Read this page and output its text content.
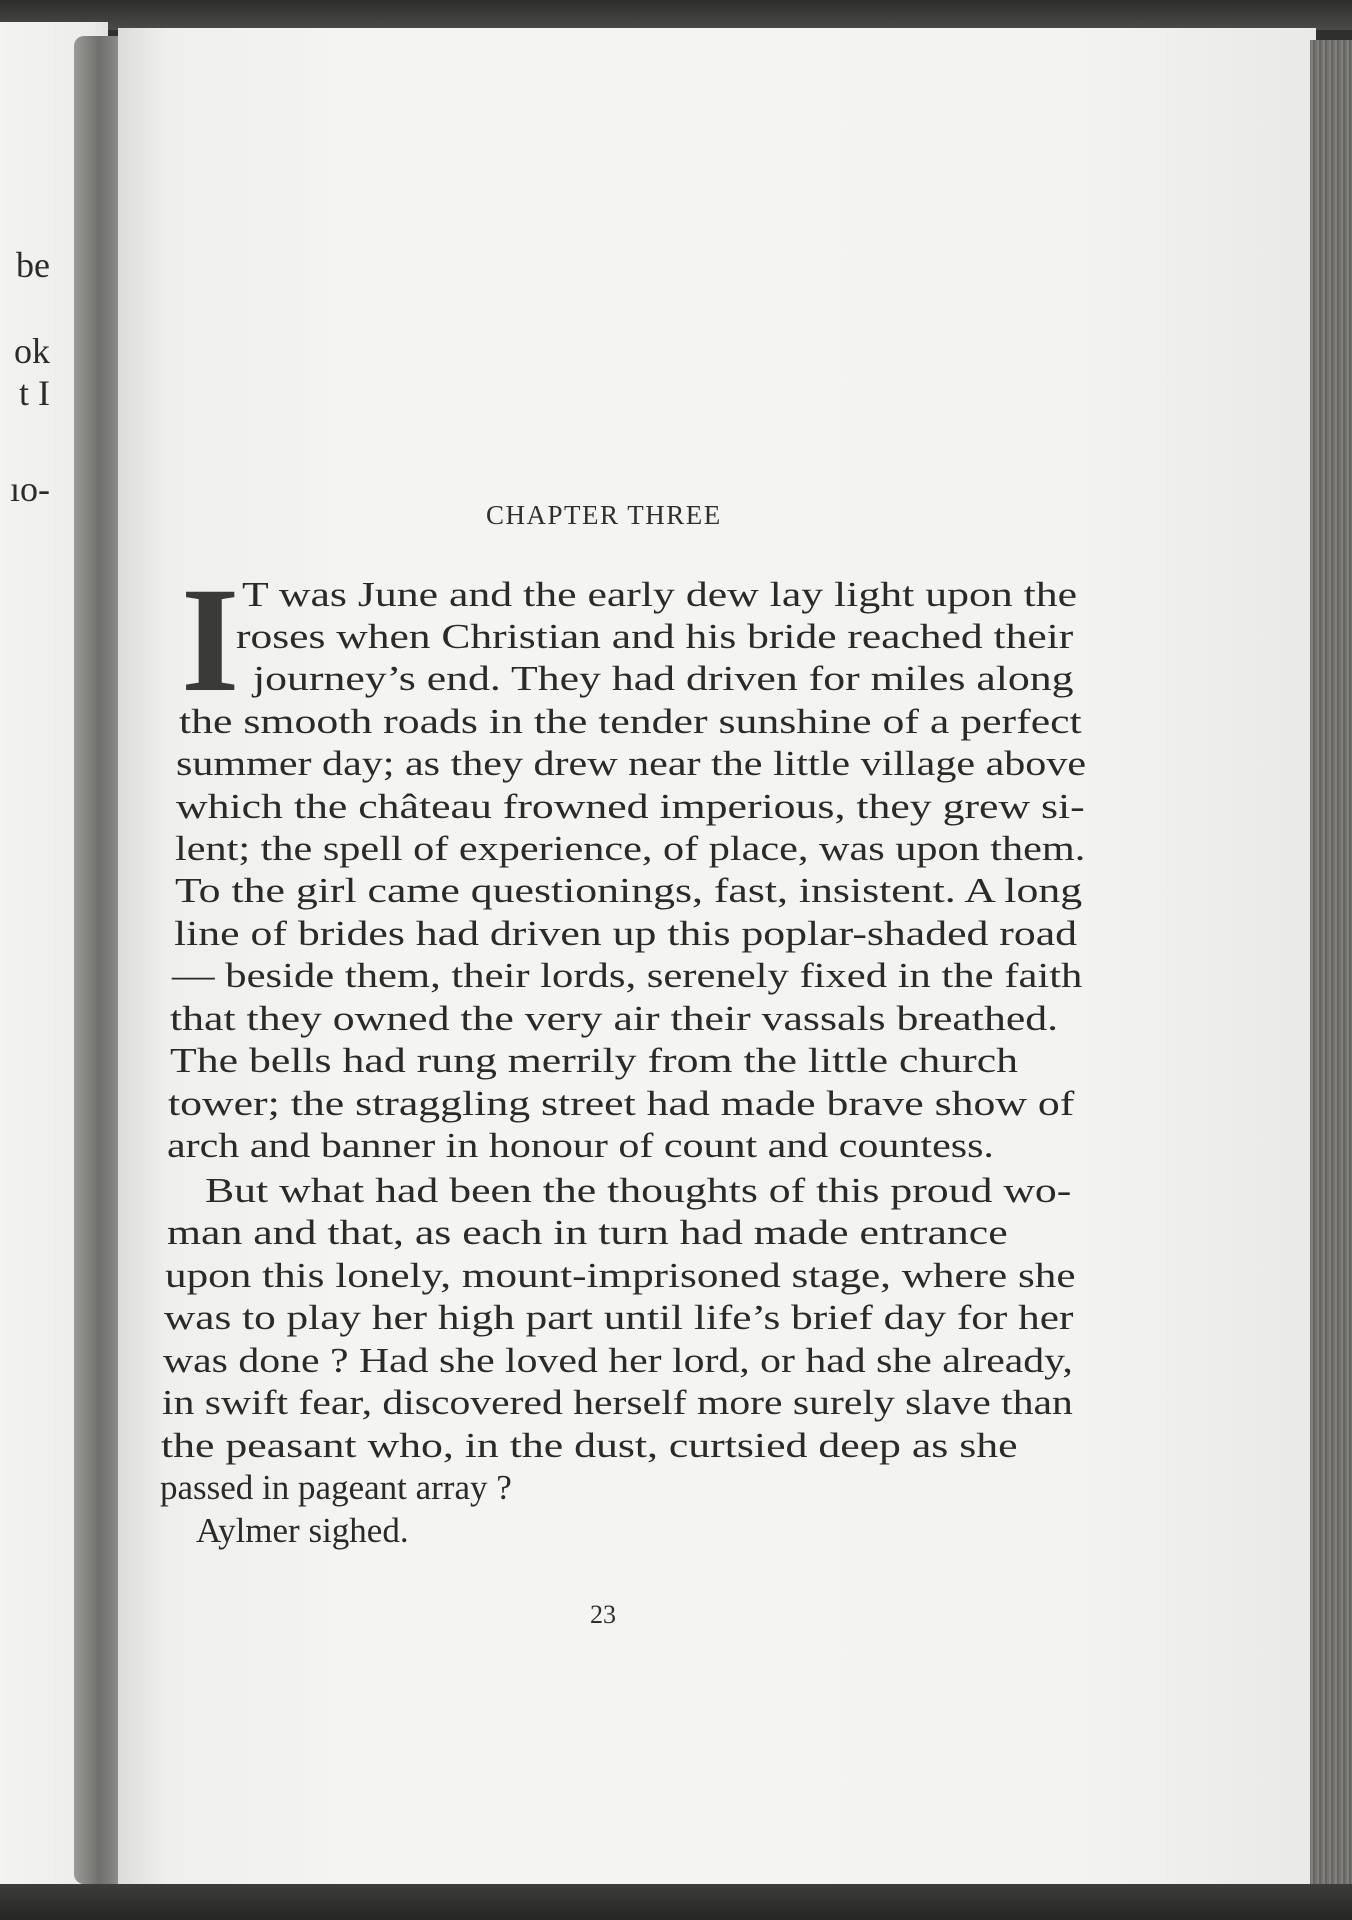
be
ok
t I
ıo-
CHAPTER THREE
I T was June and the early dew lay light upon the
roses when Christian and his bride reached their
journey’s end. They had driven for miles along
the smooth roads in the tender sunshine of a perfect
summer day; as they drew near the little village above
which the château frowned imperious, they grew si-
lent; the spell of experience, of place, was upon them.
To the girl came questionings, fast, insistent. A long
line of brides had driven up this poplar-shaded road
— beside them, their lords, serenely fixed in the faith
that they owned the very air their vassals breathed.
The bells had rung merrily from the little church
tower; the straggling street had made brave show of
arch and banner in honour of count and countess.
But what had been the thoughts of this proud wo-
man and that, as each in turn had made entrance
upon this lonely, mount-imprisoned stage, where she
was to play her high part until life’s brief day for her
was done ? Had she loved her lord, or had she already,
in swift fear, discovered herself more surely slave than
the peasant who, in the dust, curtsied deep as she
passed in pageant array ?
Aylmer sighed.
23
